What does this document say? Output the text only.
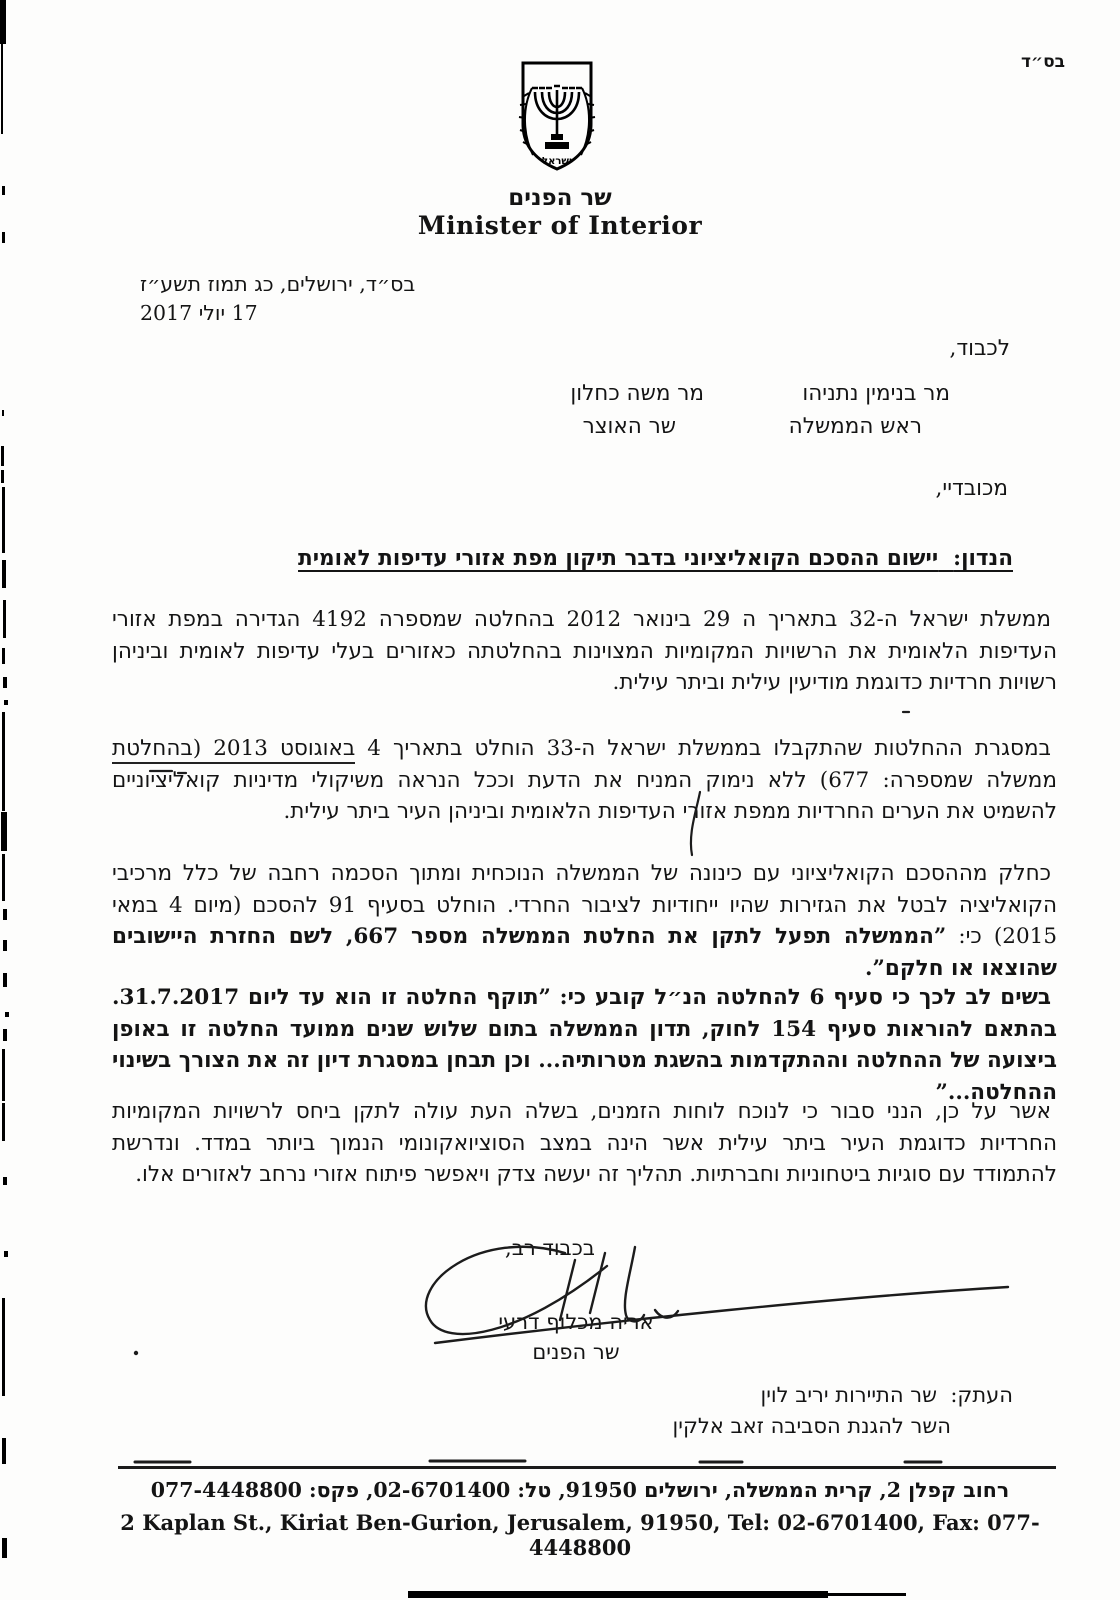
בס״ד
ישראל
שר הפנים
Minister of Interior
בס״ד, ירושלים, כג תמוז תשע״ז
17 יולי 2017
לכבוד,
מר בנימין נתניהו
ראש הממשלה
מר משה כחלון
שר האוצר
מכובדיי,
הנדון:  יישום ההסכם הקואליציוני בדבר תיקון מפת אזורי עדיפות לאומית

ממשלת ישראל ה-32 בתאריך ה 29 בינואר 2012 בהחלטה שמספרה 4192 הגדירה במפת אזורי העדיפות הלאומית את הרשויות המקומיות המצוינות בהחלטתה כאזורים בעלי עדיפות לאומית וביניהן רשויות חרדיות כדוגמת מודיעין עילית וביתר עילית.

במסגרת ההחלטות שהתקבלו בממשלת ישראל ה-33 הוחלט בתאריך 4 באוגוסט 2013 (בהחלטת ממשלה שמספרה: 677) ללא נימוק המניח את הדעת וככל הנראה משיקולי מדיניות קואליציוניים להשמיט את הערים החרדיות ממפת אזורי העדיפות הלאומית וביניהן העיר ביתר עילית.

כחלק מההסכם הקואליציוני עם כינונה של הממשלה הנוכחית ומתוך הסכמה רחבה של כלל מרכיבי הקואליציה לבטל את הגזירות שהיו ייחודיות לציבור החרדי. הוחלט בסעיף 91 להסכם (מיום 4 במאי 2015) כי: ”הממשלה תפעל לתקן את החלטת הממשלה מספר 667, לשם החזרת היישובים שהוצאו או חלקם”.

בשים לב לכך כי סעיף 6 להחלטה הנ״ל קובע כי: ”תוקף החלטה זו הוא עד ליום 31.7.2017. בהתאם להוראות סעיף 154 לחוק, תדון הממשלה בתום שלוש שנים ממועד החלטה זו באופן ביצועה של ההחלטה וההתקדמות בהשגת מטרותיה... וכן תבחן במסגרת דיון זה את הצורך בשינוי ההחלטה...”

אשר על כן, הנני סבור כי לנוכח לוחות הזמנים, בשלה העת עולה לתקן ביחס לרשויות המקומיות החרדיות כדוגמת העיר ביתר עילית אשר הינה במצב הסוציואקונומי הנמוך ביותר במדד. ונדרשת להתמודד עם סוגיות ביטחוניות וחברתיות. תהליך זה יעשה צדק ויאפשר פיתוח אזורי נרחב לאזורים אלו.

בכבוד רב,
אריה מכלוף דרעי
שר הפנים
העתק:  שר התיירות יריב לוין
השר להגנת הסביבה זאב אלקין
רחוב קפלן 2, קרית הממשלה, ירושלים 91950, טל: 02-6701400, פקס: 077-4448800
2 Kaplan St., Kiriat Ben-Gurion, Jerusalem, 91950, Tel: 02-6701400, Fax: 077-4448800
